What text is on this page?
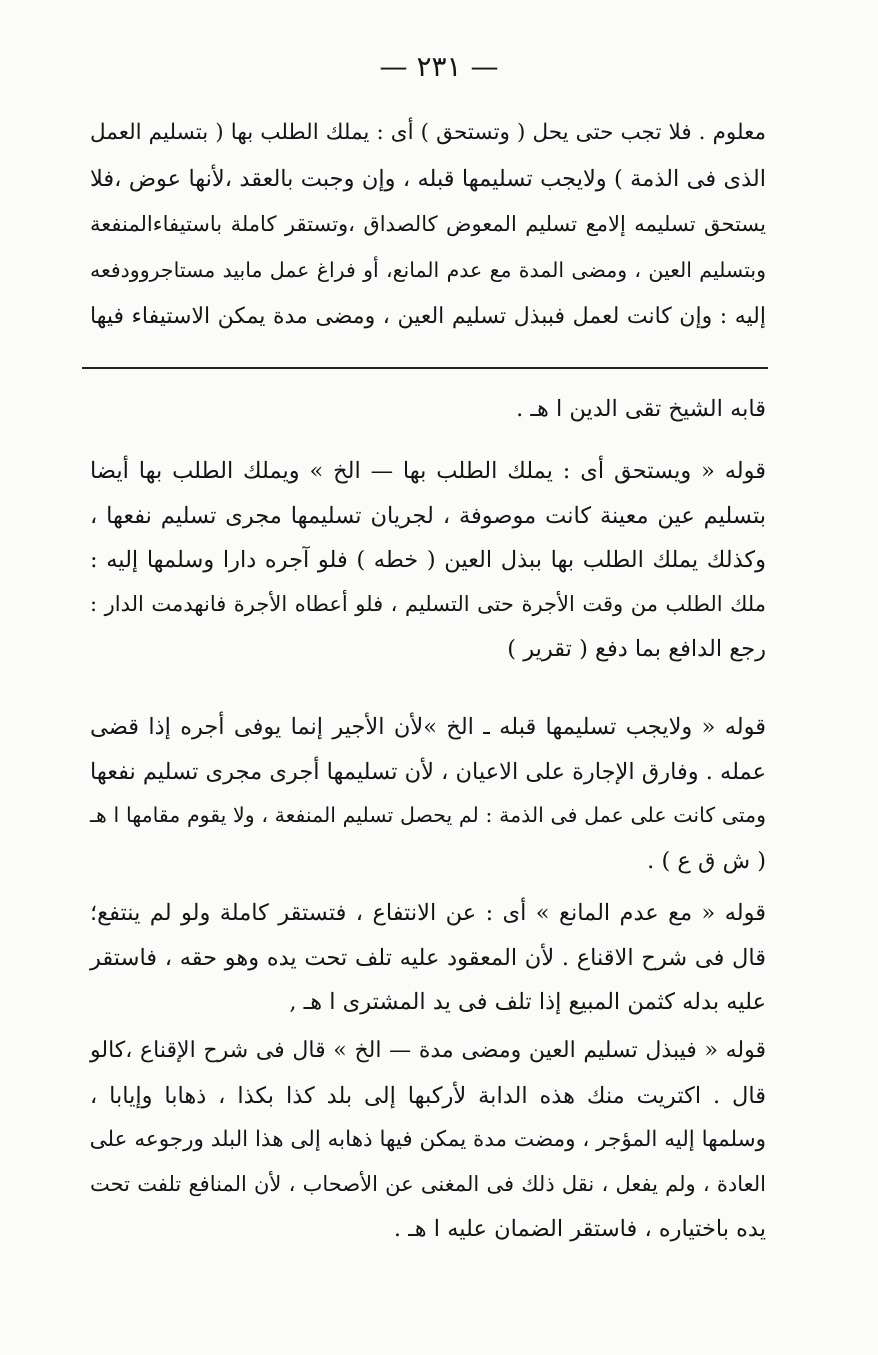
— ٢٣١ —
معلوم . فلا تجب حتى يحل ( وتستحق ) أى : يملك الطلب بها ( بتسليم العمل
الذى فى الذمة ) ولايجب تسليمها قبله ، وإن وجبت بالعقد ،لأنها عوض ،فلا
يستحق تسليمه إلامع تسليم المعوض كالصداق ،وتستقر كاملة باستيفاءالمنفعة
وبتسليم العين ، ومضى المدة مع عدم المانع، أو فراغ عمل مابيد مستاجروودفعه
إليه : وإن كانت لعمل فببذل تسليم العين ، ومضى مدة يمكن الاستيفاء فيها
قابه الشيخ تقى الدين ا هـ .
قوله « ويستحق أى : يملك الطلب بها — الخ » ويملك الطلب بها أيضا
بتسليم عين معينة كانت موصوفة ، لجريان تسليمها مجرى تسليم نفعها ،
وكذلك يملك الطلب بها ببذل العين ( خطه ) فلو آجره دارا وسلمها إليه :
ملك الطلب من وقت الأجرة حتى التسليم ، فلو أعطاه الأجرة فانهدمت الدار :
رجع الدافع بما دفع ( تقرير )
قوله « ولايجب تسليمها قبله ـ الخ »لأن الأجير إنما يوفى أجره إذا قضى
عمله . وفارق الإجارة على الاعيان ، لأن تسليمها أجرى مجرى تسليم نفعها
ومتى كانت على عمل فى الذمة : لم يحصل تسليم المنفعة ، ولا يقوم مقامها ا هـ
( ش ق ع ) .
قوله « مع عدم المانع » أى : عن الانتفاع ، فتستقر كاملة ولو لم ينتفع؛
قال فى شرح الاقناع . لأن المعقود عليه تلف تحت يده وهو حقه ، فاستقر
عليه بدله كثمن المبيع إذا تلف فى يد المشترى ا هـ ,
قوله « فيبذل تسليم العين ومضى مدة — الخ » قال فى شرح الإقناع ،كالو
قال . اكتريت منك هذه الدابة لأركبها إلى بلد كذا بكذا ، ذهابا وإيابا ،
وسلمها إليه المؤجر ، ومضت مدة يمكن فيها ذهابه إلى هذا البلد ورجوعه على
العادة ، ولم يفعل ، نقل ذلك فى المغنى عن الأصحاب ، لأن المنافع تلفت تحت
يده باختياره ، فاستقر الضمان عليه ا هـ .
